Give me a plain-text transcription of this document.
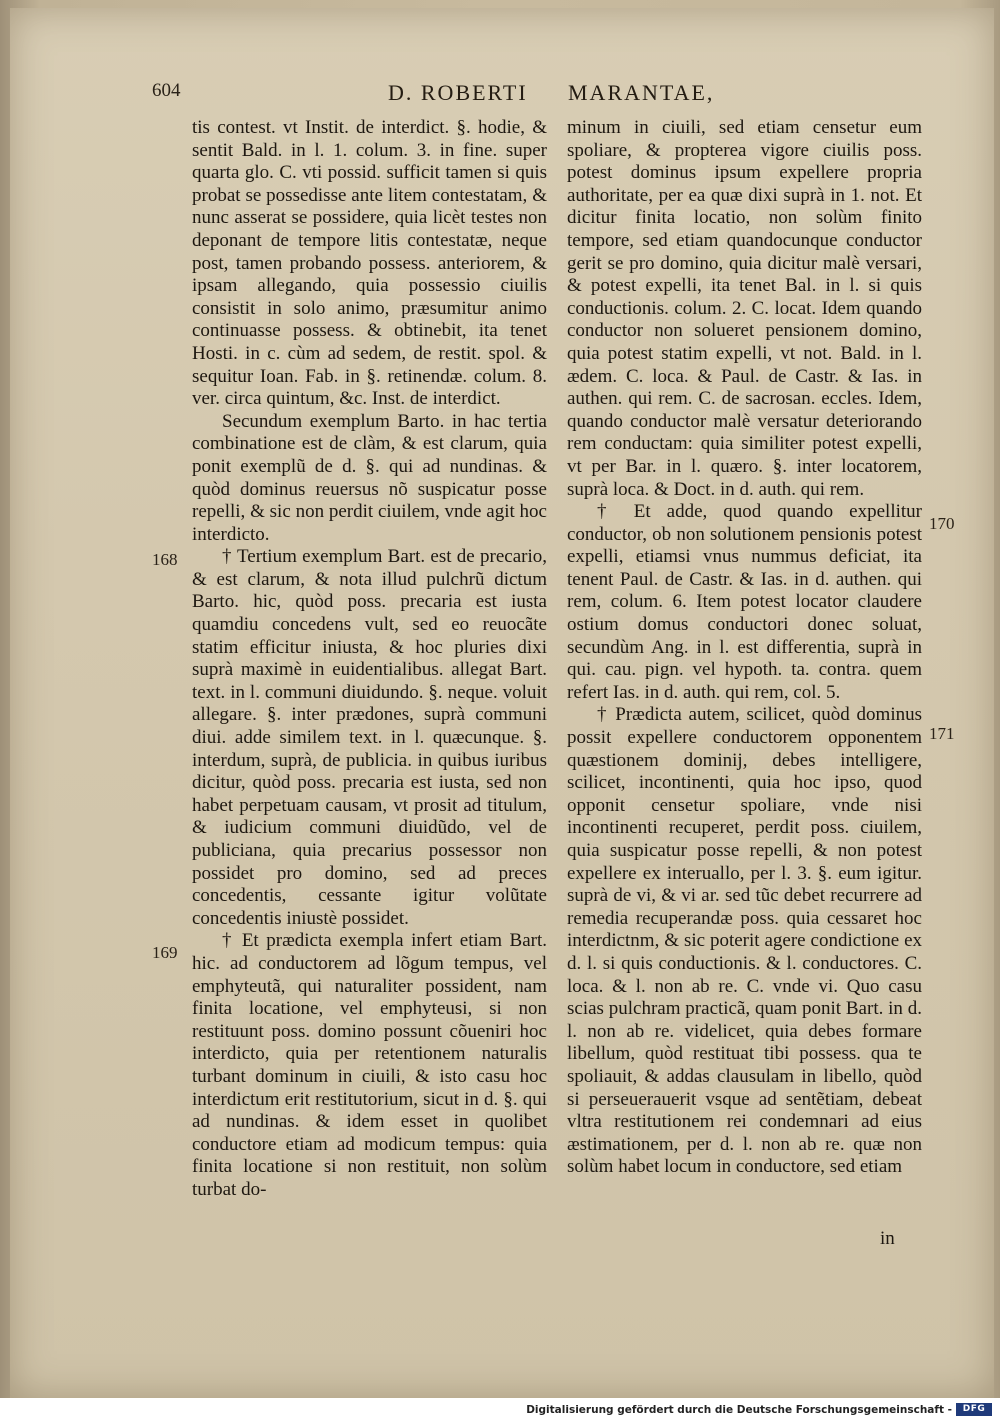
604	D. ROBERTI MARANTAE,

tis contest. vt Instit. de interdict. §. hodie, & sentit Bald. in l. 1. colum. 3. in fine. super quarta glo. C. vti possid. sufficit tamen si quis probat se possedisse ante litem contestatam, & nunc asserat se possidere, quia licèt testes non deponant de tempore litis contestatæ, neque post, tamen probando possess. anteriorem, & ipsam allegando, quia possessio ciuilis consistit in solo animo, præsumitur animo continuasse possess. & obtinebit, ita tenet Hosti. in c. cùm ad sedem, de restit. spol. & sequitur Ioan. Fab. in §. retinendæ. colum. 8. ver. circa quintum, &c. Inst. de interdict.

Secundum exemplum Barto. in hac tertia combinatione est de clàm, & est clarum, quia ponit exemplũ de d. §. qui ad nundinas. & quòd dominus reuersus nõ suspicatur posse repelli, & sic non perdit ciuilem, vnde agit hoc interdicto.

† Tertium exemplum Bart. est de precario, & est clarum, & nota illud pulchrũ dictum Barto. hic, quòd poss. precaria est iusta quamdiu concedens vult, sed eo reuocãte statim efficitur iniusta, & hoc pluries dixi suprà maximè in euidentialibus. allegat Bart. text. in l. communi diuidundo. §. neque. voluit allegare. §. inter prædones, suprà communi diui. adde similem text. in l. quæcunque. §. interdum, suprà, de publicia. in quibus iuribus dicitur, quòd poss. precaria est iusta, sed non habet perpetuam causam, vt prosit ad titulum, & iudicium communi diuidũdo, vel de publiciana, quia precarius possessor non possidet pro domino, sed ad preces concedentis, cessante igitur volũtate concedentis iniustè possidet.

† Et prædicta exempla infert etiam Bart. hic. ad conductorem ad lõgum tempus, vel emphyteutã, qui naturaliter possident, nam finita locatione, vel emphyteusi, si non restituunt poss. domino possunt cõueniri hoc interdicto, quia per retentionem naturalis turbant dominum in ciuili, & isto casu hoc interdictum erit restitutorium, sicut in d. §. qui ad nundinas. & idem esset in quolibet conductore etiam ad modicum tempus: quia finita locatione si non restituit, non solùm turbat do-

minum in ciuili, sed etiam censetur eum spoliare, & propterea vigore ciuilis poss. potest dominus ipsum expellere propria authoritate, per ea quæ dixi suprà in 1. not. Et dicitur finita locatio, non solùm finito tempore, sed etiam quandocunque conductor gerit se pro domino, quia dicitur malè versari, & potest expelli, ita tenet Bal. in l. si quis conductionis. colum. 2. C. locat. Idem quando conductor non solueret pensionem domino, quia potest statim expelli, vt not. Bald. in l. ædem. C. loca. & Paul. de Castr. & Ias. in authen. qui rem. C. de sacrosan. eccles. Idem, quando conductor malè versatur deteriorando rem conductam: quia similiter potest expelli, vt per Bar. in l. quæro. §. inter locatorem, suprà loca. & Doct. in d. auth. qui rem.

† Et adde, quod quando expellitur conductor, ob non solutionem pensionis potest expelli, etiamsi vnus nummus deficiat, ita tenent Paul. de Castr. & Ias. in d. authen. qui rem, colum. 6. Item potest locator claudere ostium domus conductori donec soluat, secundùm Ang. in l. est differentia, suprà in qui. cau. pign. vel hypoth. ta. contra. quem refert Ias. in d. auth. qui rem, col. 5.

† Prædicta autem, scilicet, quòd dominus possit expellere conductorem opponentem quæstionem dominij, debes intelligere, scilicet, incontinenti, quia hoc ipso, quod opponit censetur spoliare, vnde nisi incontinenti recuperet, perdit poss. ciuilem, quia suspicatur posse repelli, & non potest expellere ex interuallo, per l. 3. §. eum igitur. suprà de vi, & vi ar. sed tũc debet recurrere ad remedia recuperandæ poss. quia cessaret hoc interdictnm, & sic poterit agere condictione ex d. l. si quis conductionis. & l. conductores. C. loca. & l. non ab re. C. vnde vi. Quo casu scias pulchram practicã, quam ponit Bart. in d. l. non ab re. videlicet, quia debes formare libellum, quòd restituat tibi possess. qua te spoliauit, & addas clausulam in libello, quòd si perseuerauerit vsque ad sentẽtiam, debeat vltra restitutionem rei condemnari ad eius æstimationem, per d. l. non ab re. quæ non solùm habet locum in conductore, sed etiam

168
169
170
171
in
Digitalisierung gefördert durch die Deutsche Forschungsgemeinschaft -	DFG
